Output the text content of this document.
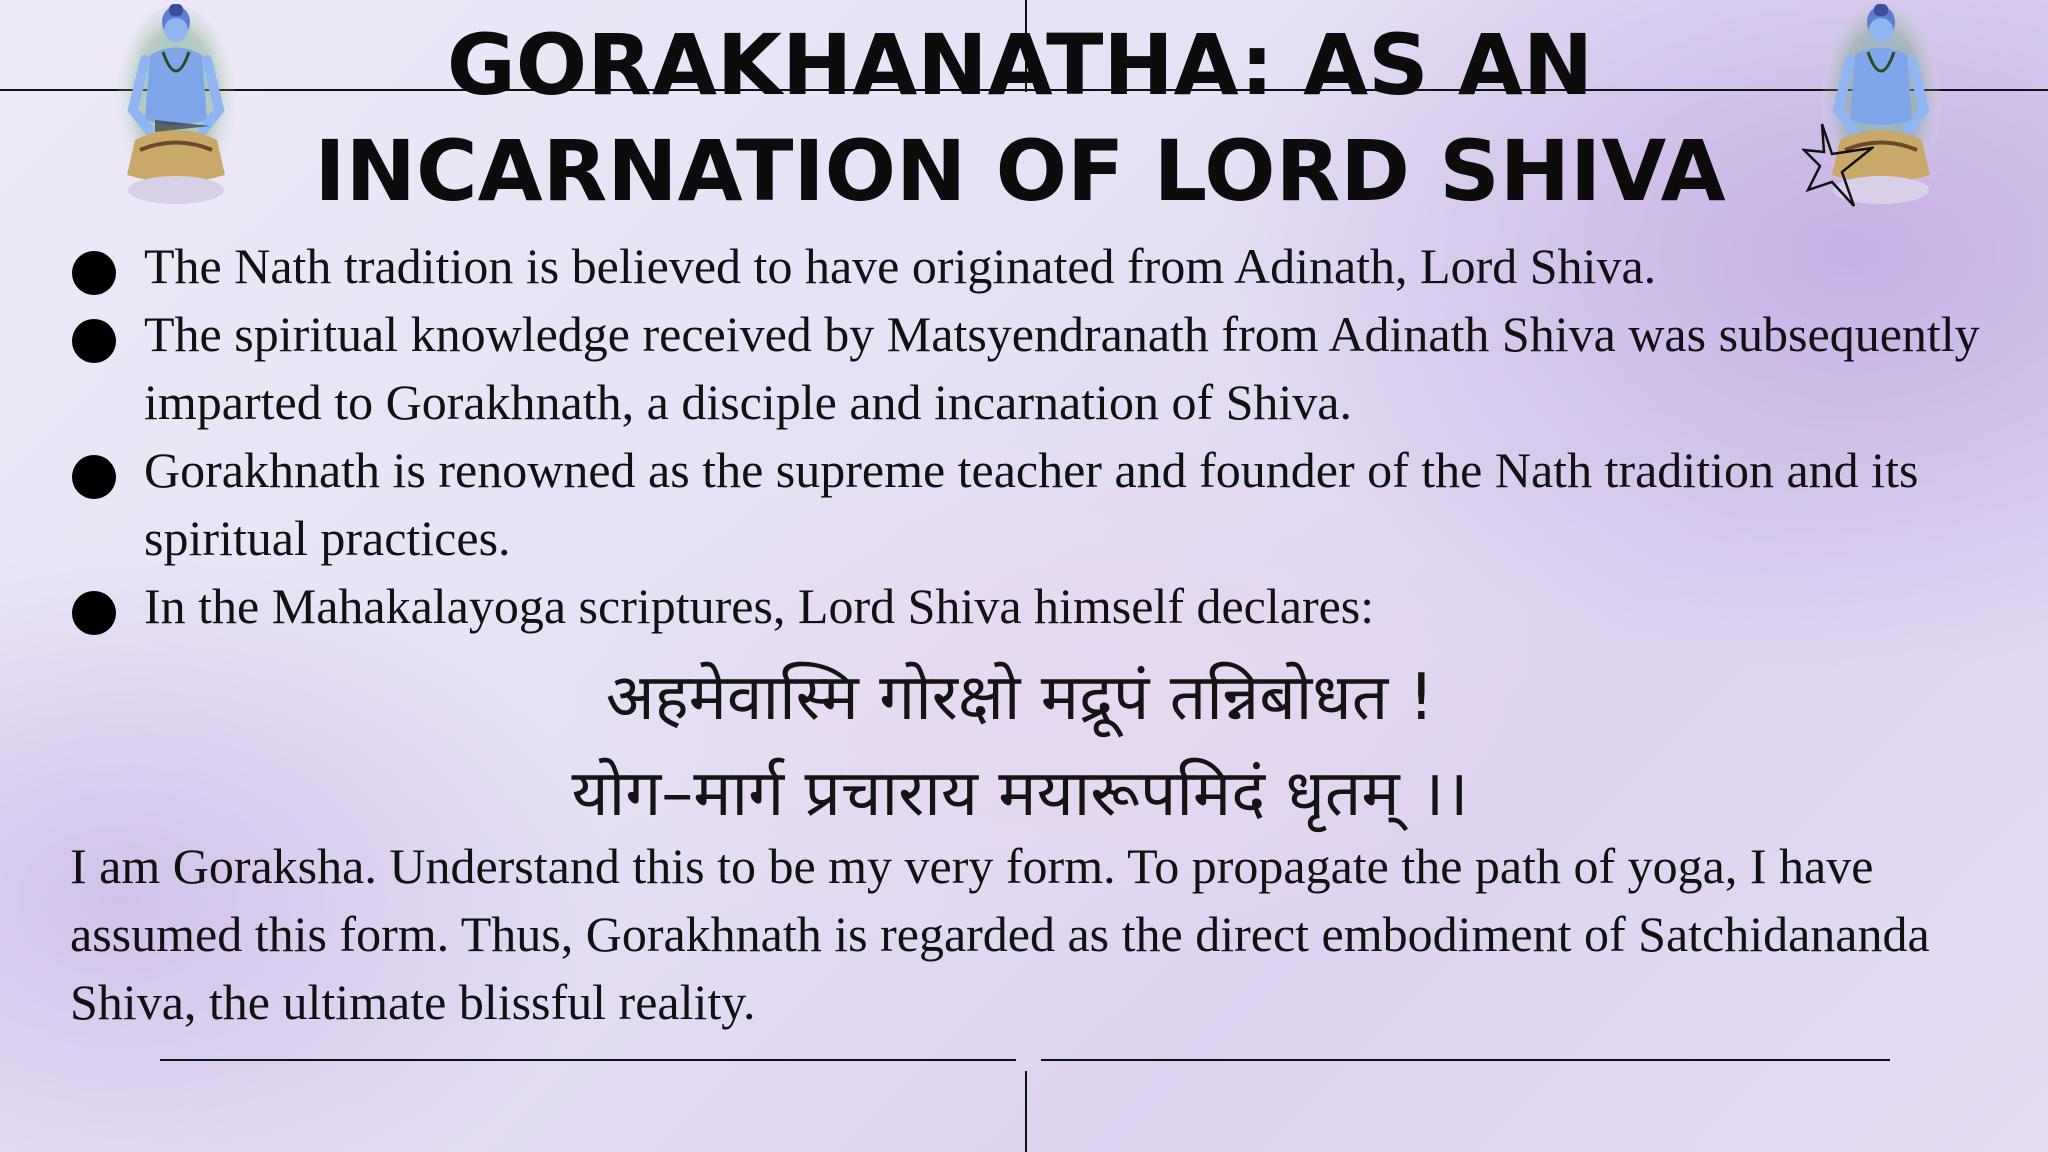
GORAKHANATHA: AS AN
INCARNATION OF LORD SHIVA
The Nath tradition is believed to have originated from Adinath, Lord Shiva.
The spiritual knowledge received by Matsyendranath from Adinath Shiva was subsequently imparted to Gorakhnath, a disciple and incarnation of Shiva.
Gorakhnath is renowned as the supreme teacher and founder of the Nath tradition and its spiritual practices.
In the Mahakalayoga scriptures, Lord Shiva himself declares:
अहमेवास्मि गोरक्षो मद्रूपं तन्निबोधत !
योग–मार्ग प्रचाराय मयारूपमिदं धृतम् ।।

I am Goraksha. Understand this to be my very form. To propagate the path of yoga, I have assumed this form. Thus, Gorakhnath is regarded as the direct embodiment of Satchidananda Shiva, the ultimate blissful reality.
